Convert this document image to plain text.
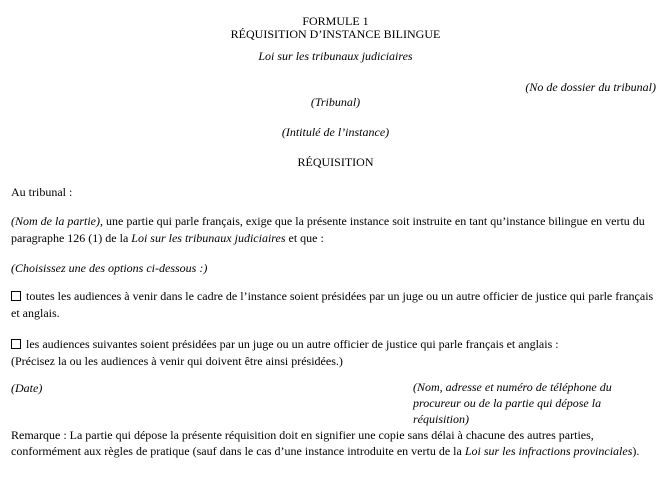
FORMULE 1
RÉQUISITION D’INSTANCE BILINGUE
Loi sur les tribunaux judiciaires
(No de dossier du tribunal)
(Tribunal)
(Intitulé de l’instance)
RÉQUISITION
Au tribunal :

(Nom de la partie), une partie qui parle français, exige que la présente instance soit instruite en tant qu’instance bilingue en vertu du paragraphe 126 (1) de la Loi sur les tribunaux judiciaires et que :

(Choisissez une des options ci-dessous :)

toutes les audiences à venir dans le cadre de l’instance soient présidées par un juge ou un autre officier de justice qui parle français et anglais.

les audiences suivantes soient présidées par un juge ou un autre officier de justice qui parle français et anglais :
(Précisez la ou les audiences à venir qui doivent être ainsi présidées.)

(Date)	(Nom, adresse et numéro de téléphone du
procureur ou de la partie qui dépose la
réquisition)

Remarque : La partie qui dépose la présente réquisition doit en signifier une copie sans délai à chacune des autres parties, conformément aux règles de pratique (sauf dans le cas d’une instance introduite en vertu de la Loi sur les infractions provinciales).
